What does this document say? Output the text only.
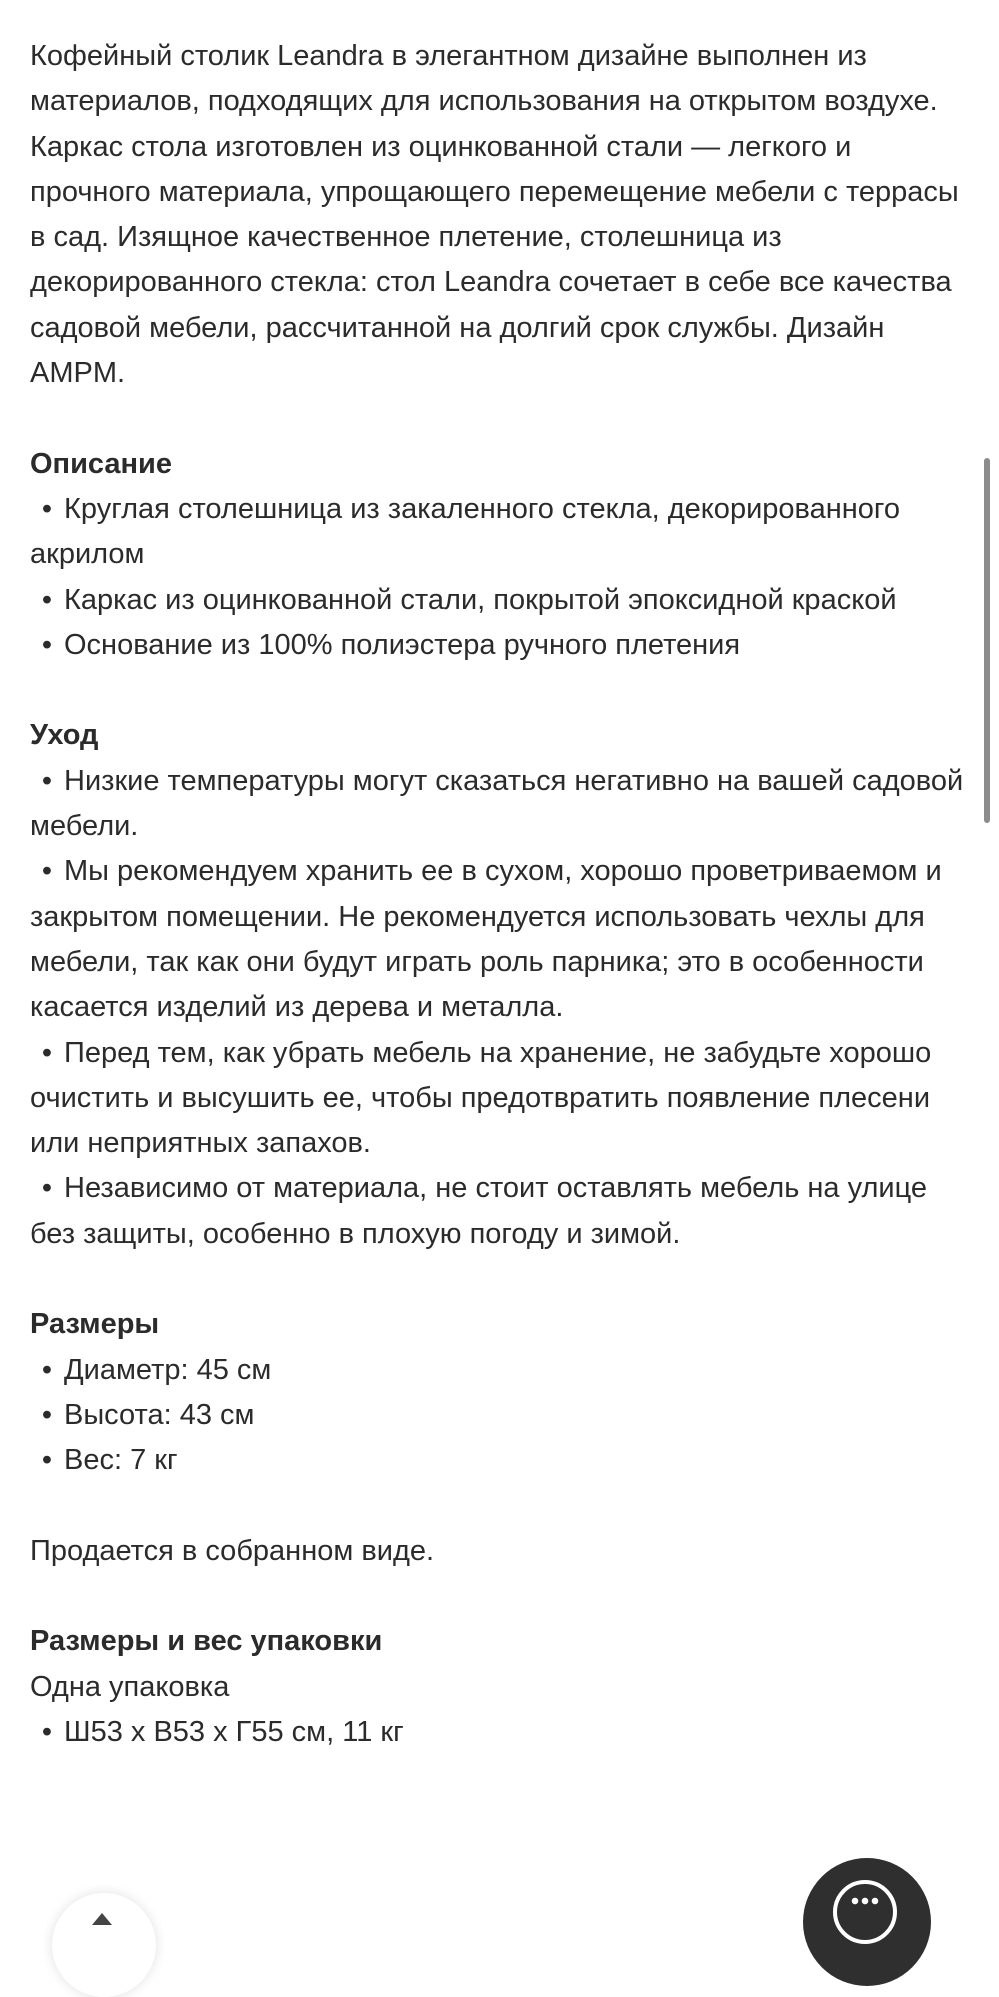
Кофейный столик Leandra в элегантном дизайне выполнен из материалов, подходящих для использования на открытом воздухе.

Каркас стола изготовлен из оцинкованной стали — легкого и прочного материала, упрощающего перемещение мебели с террасы в сад. Изящное качественное плетение, столешница из декорированного стекла: стол Leandra сочетает в себе все качества садовой мебели, рассчитанной на долгий срок службы. Дизайн AMPM.

Описание

• Круглая столешница из закаленного стекла, декорированного акрилом

• Каркас из оцинкованной стали, покрытой эпоксидной краской

• Основание из 100% полиэстера ручного плетения

Уход

• Низкие температуры могут сказаться негативно на вашей садовой мебели.

• Мы рекомендуем хранить ее в сухом, хорошо проветриваемом и закрытом помещении. Не рекомендуется использовать чехлы для мебели, так как они будут играть роль парника; это в особенности касается изделий из дерева и металла.

• Перед тем, как убрать мебель на хранение, не забудьте хорошо очистить и высушить ее, чтобы предотвратить появление плесени или неприятных запахов.

• Независимо от материала, не стоит оставлять мебель на улице без защиты, особенно в плохую погоду и зимой.

Размеры

• Диаметр: 45 см

• Высота: 43 см

• Вес: 7 кг

Продается в собранном виде.

Размеры и вес упаковки

Одна упаковка

• Ш53 х В53 х Г55 см, 11 кг
